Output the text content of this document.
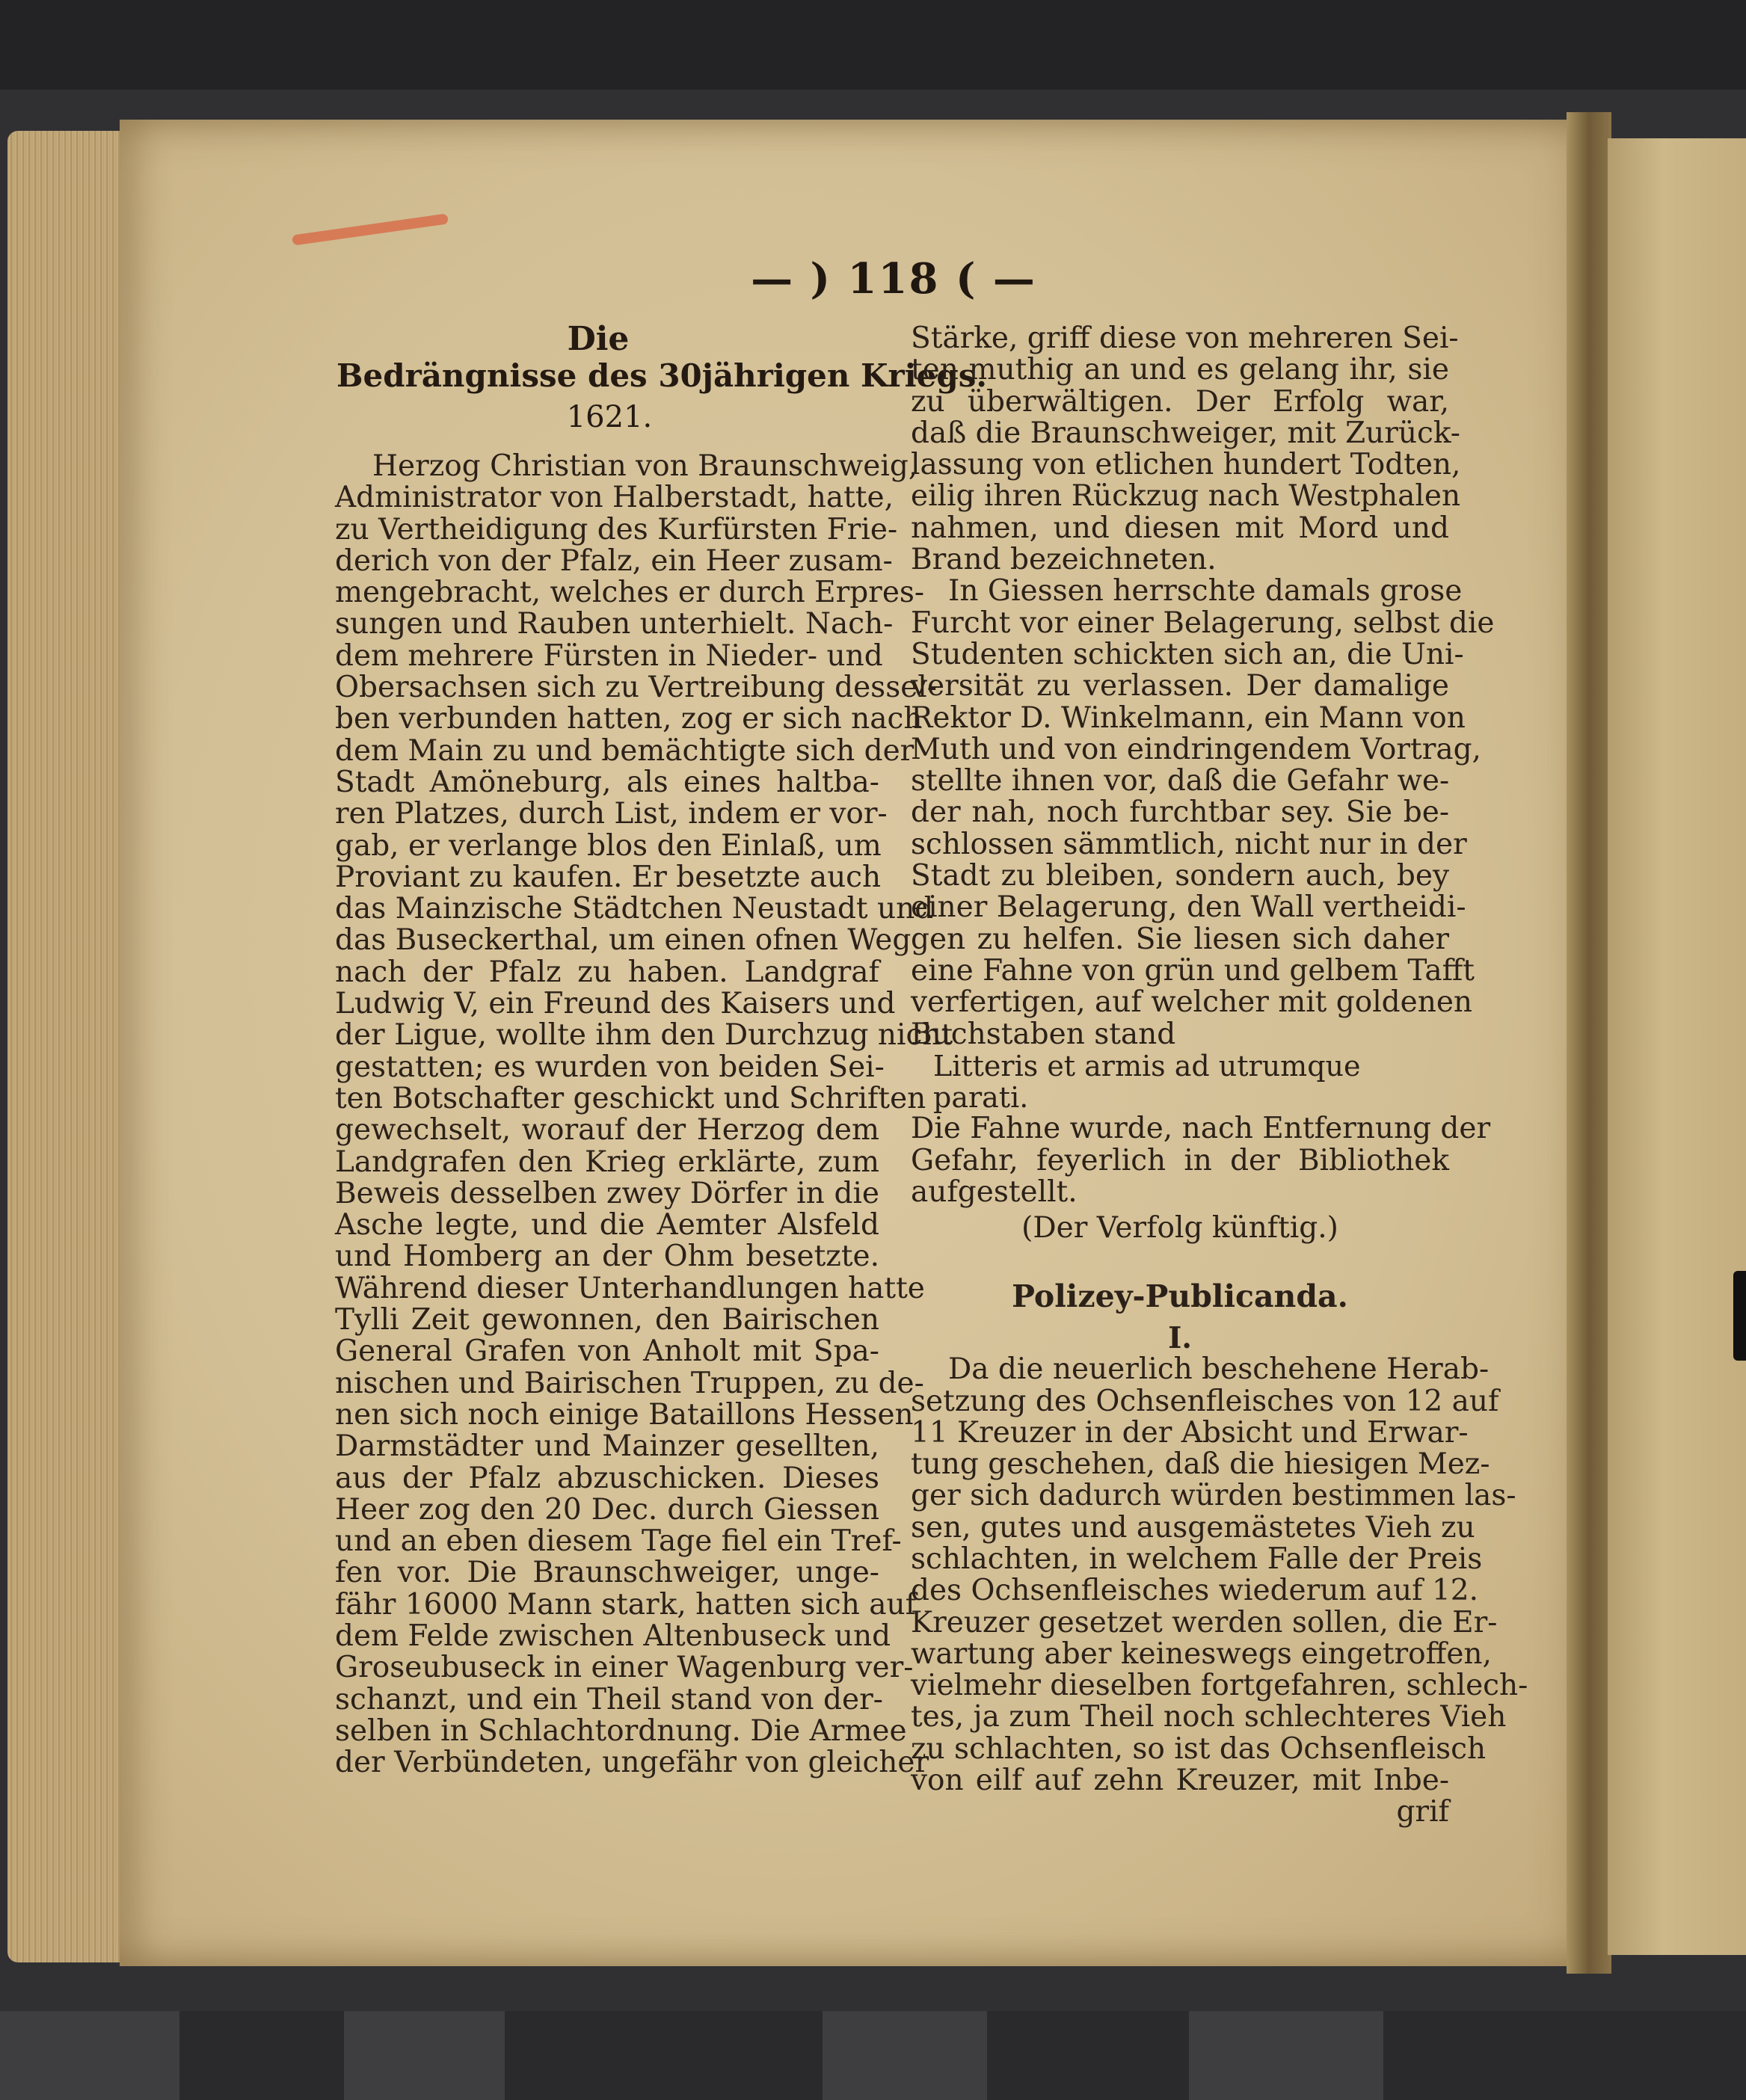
— ) 118 ( —
Die
Bedrängnisse des 30jährigen Kriegs.
1621.
Herzog Christian von Braunschweig,
Administrator von Halberstadt, hatte,
zu Vertheidigung des Kurfürsten Frie-
derich von der Pfalz, ein Heer zusam-
mengebracht, welches er durch Erpres-
sungen und Rauben unterhielt. Nach-
dem mehrere Fürsten in Nieder- und
Obersachsen sich zu Vertreibung dessel-
ben verbunden hatten, zog er sich nach
dem Main zu und bemächtigte sich der
Stadt Amöneburg, als eines haltba-
ren Platzes, durch List, indem er vor-
gab, er verlange blos den Einlaß, um
Proviant zu kaufen. Er besetzte auch
das Mainzische Städtchen Neustadt und
das Buseckerthal, um einen ofnen Weg
nach der Pfalz zu haben. Landgraf
Ludwig V, ein Freund des Kaisers und
der Ligue, wollte ihm den Durchzug nicht
gestatten; es wurden von beiden Sei-
ten Botschafter geschickt und Schriften
gewechselt, worauf der Herzog dem
Landgrafen den Krieg erklärte, zum
Beweis desselben zwey Dörfer in die
Asche legte, und die Aemter Alsfeld
und Homberg an der Ohm besetzte.
Während dieser Unterhandlungen hatte
Tylli Zeit gewonnen, den Bairischen
General Grafen von Anholt mit Spa-
nischen und Bairischen Truppen, zu de-
nen sich noch einige Bataillons Hessen
Darmstädter und Mainzer gesellten,
aus der Pfalz abzuschicken. Dieses
Heer zog den 20 Dec. durch Giessen
und an eben diesem Tage fiel ein Tref-
fen vor. Die Braunschweiger, unge-
fähr 16000 Mann stark, hatten sich auf
dem Felde zwischen Altenbuseck und
Groseubuseck in einer Wagenburg ver-
schanzt, und ein Theil stand von der-
selben in Schlachtordnung. Die Armee
der Verbündeten, ungefähr von gleicher
Stärke, griff diese von mehreren Sei-
ten muthig an und es gelang ihr, sie
zu überwältigen. Der Erfolg war,
daß die Braunschweiger, mit Zurück-
lassung von etlichen hundert Todten,
eilig ihren Rückzug nach Westphalen
nahmen, und diesen mit Mord und
Brand bezeichneten.
In Giessen herrschte damals grose
Furcht vor einer Belagerung, selbst die
Studenten schickten sich an, die Uni-
versität zu verlassen. Der damalige
Rektor D. Winkelmann, ein Mann von
Muth und von eindringendem Vortrag,
stellte ihnen vor, daß die Gefahr we-
der nah, noch furchtbar sey. Sie be-
schlossen sämmtlich, nicht nur in der
Stadt zu bleiben, sondern auch, bey
einer Belagerung, den Wall vertheidi-
gen zu helfen. Sie liesen sich daher
eine Fahne von grün und gelbem Tafft
verfertigen, auf welcher mit goldenen
Buchstaben stand
Litteris et armis ad utrumque parati.
Die Fahne wurde, nach Entfernung der
Gefahr, feyerlich in der Bibliothek
aufgestellt.
(Der Verfolg künftig.)
Polizey-Publicanda.
I.
Da die neuerlich beschehene Herab-
setzung des Ochsenfleisches von 12 auf
11 Kreuzer in der Absicht und Erwar-
tung geschehen, daß die hiesigen Mez-
ger sich dadurch würden bestimmen las-
sen, gutes und ausgemästetes Vieh zu
schlachten, in welchem Falle der Preis
des Ochsenfleisches wiederum auf 12.
Kreuzer gesetzet werden sollen, die Er-
wartung aber keineswegs eingetroffen,
vielmehr dieselben fortgefahren, schlech-
tes, ja zum Theil noch schlechteres Vieh
zu schlachten, so ist das Ochsenfleisch
von eilf auf zehn Kreuzer, mit Inbe-
grif
